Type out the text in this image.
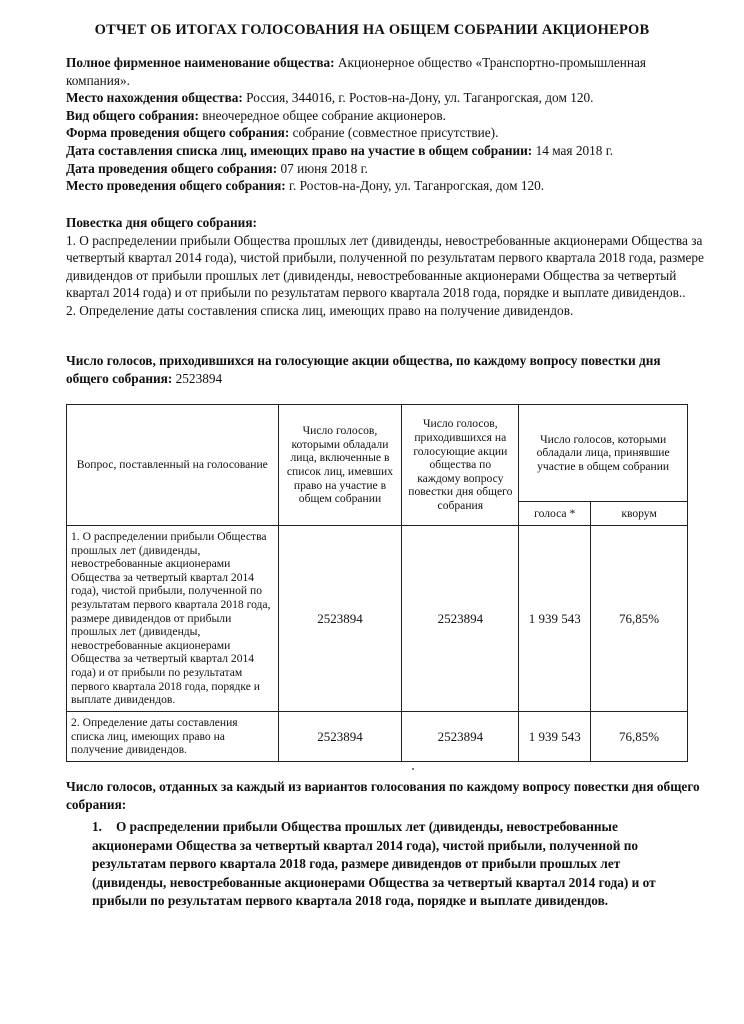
ОТЧЕТ ОБ ИТОГАХ ГОЛОСОВАНИЯ НА ОБЩЕМ СОБРАНИИ АКЦИОНЕРОВ

Полное фирменное наименование общества: Акционерное общество «Транспортно-промышленная компания».

Место нахождения общества: Россия, 344016, г. Ростов-на-Дону, ул. Таганрогская, дом 120.

Вид общего собрания: внеочередное общее собрание акционеров.

Форма проведения общего собрания: собрание (совместное присутствие).

Дата составления списка лиц, имеющих право на участие в общем собрании: 14 мая 2018 г.

Дата проведения общего собрания: 07 июня 2018 г.

Место проведения общего собрания: г. Ростов-на-Дону, ул. Таганрогская, дом 120.

Повестка дня общего собрания:

1. О распределении прибыли Общества прошлых лет (дивиденды, невостребованные акционерами Общества за четвертый квартал 2014 года), чистой прибыли, полученной по результатам первого квартала 2018 года, размере дивидендов от прибыли прошлых лет (дивиденды, невостребованные акционерами Общества за четвертый квартал 2014 года) и от прибыли по результатам первого квартала 2018 года, порядке и выплате дивидендов..

2. Определение даты составления списка лиц, имеющих право на получение дивидендов.

Число голосов, приходившихся на голосующие акции общества, по каждому вопросу повестки дня общего собрания: 2523894

Вопрос, поставленный на голосование	Число голосов, которыми обладали лица, включенные в список лиц, имевших право на участие в общем собрании	Число голосов, приходившихся на голосующие акции общества по каждому вопросу повестки дня общего собрания	Число голосов, которыми обладали лица, принявшие участие в общем собрании	
			голоса *	кворум
1. О распределении прибыли Общества прошлых лет (дивиденды, невостребованные акционерами Общества за четвертый квартал 2014 года), чистой прибыли, полученной по результатам первого квартала 2018 года, размере дивидендов от прибыли прошлых лет (дивиденды, невостребованные акционерами Общества за четвертый квартал 2014 года) и от прибыли по результатам первого квартала 2018 года, порядке и выплате дивидендов.	2523894	2523894	1 939 543	76,85%
2. Определение даты составления списка лиц, имеющих право на получение дивидендов.	2523894	2523894	1 939 543	76,85%

Число голосов, отданных за каждый из вариантов голосования по каждому вопросу повестки дня общего собрания:

1. О распределении прибыли Общества прошлых лет (дивиденды, невостребованные акционерами Общества за четвертый квартал 2014 года), чистой прибыли, полученной по результатам первого квартала 2018 года, размере дивидендов от прибыли прошлых лет (дивиденды, невостребованные акционерами Общества за четвертый квартал 2014 года) и от прибыли по результатам первого квартала 2018 года, порядке и выплате дивидендов.
